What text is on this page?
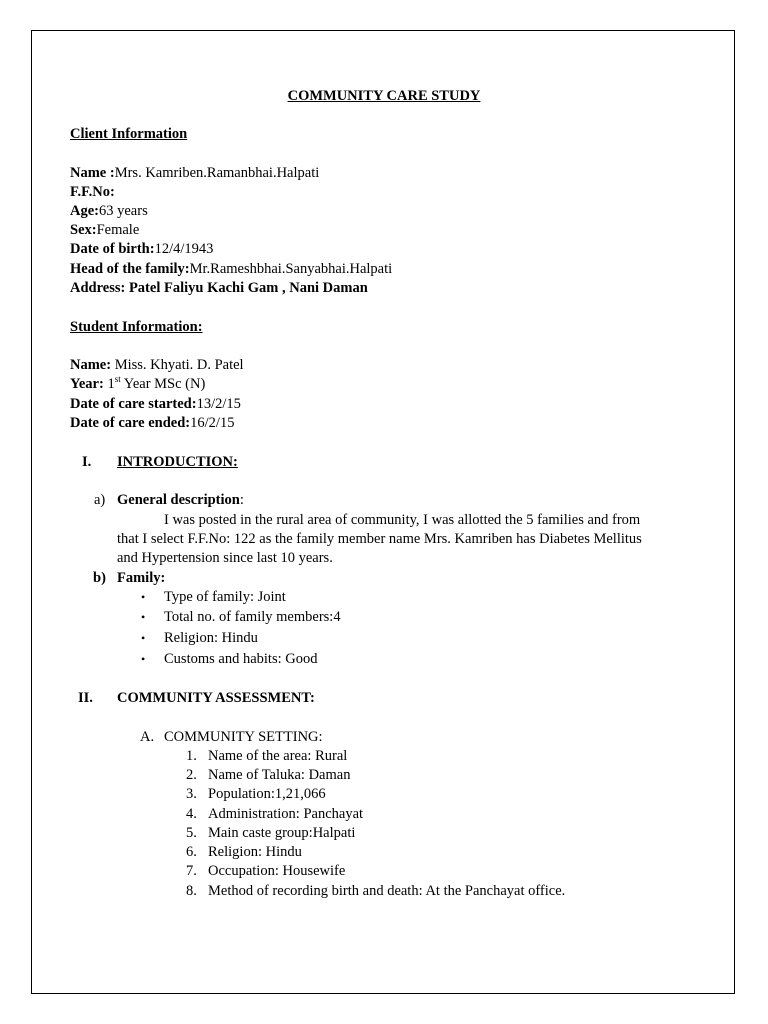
COMMUNITY CARE STUDY
Client Information
Name :Mrs. Kamriben.Ramanbhai.Halpati
F.F.No:
Age:63 years
Sex:Female
Date of birth:12/4/1943
Head of the family:Mr.Rameshbhai.Sanyabhai.Halpati
Address: Patel Faliyu Kachi Gam , Nani Daman
Student Information:
Name: Miss. Khyati. D. Patel
Year: 1st Year MSc (N)
Date of care started:13/2/15
Date of care ended:16/2/15
I. INTRODUCTION:
a) General description:
I was posted in the rural area of community, I was allotted the 5 families and from
that I select F.F.No: 122 as the family member name Mrs. Kamriben has Diabetes Mellitus
and Hypertension since last 10 years.
b) Family:
• Type of family: Joint
• Total no. of family members:4
• Religion: Hindu
• Customs and habits: Good
II. COMMUNITY ASSESSMENT:
A. COMMUNITY SETTING:
1. Name of the area: Rural
2. Name of Taluka: Daman
3. Population:1,21,066
4. Administration: Panchayat
5. Main caste group:Halpati
6. Religion: Hindu
7. Occupation: Housewife
8. Method of recording birth and death: At the Panchayat office.
